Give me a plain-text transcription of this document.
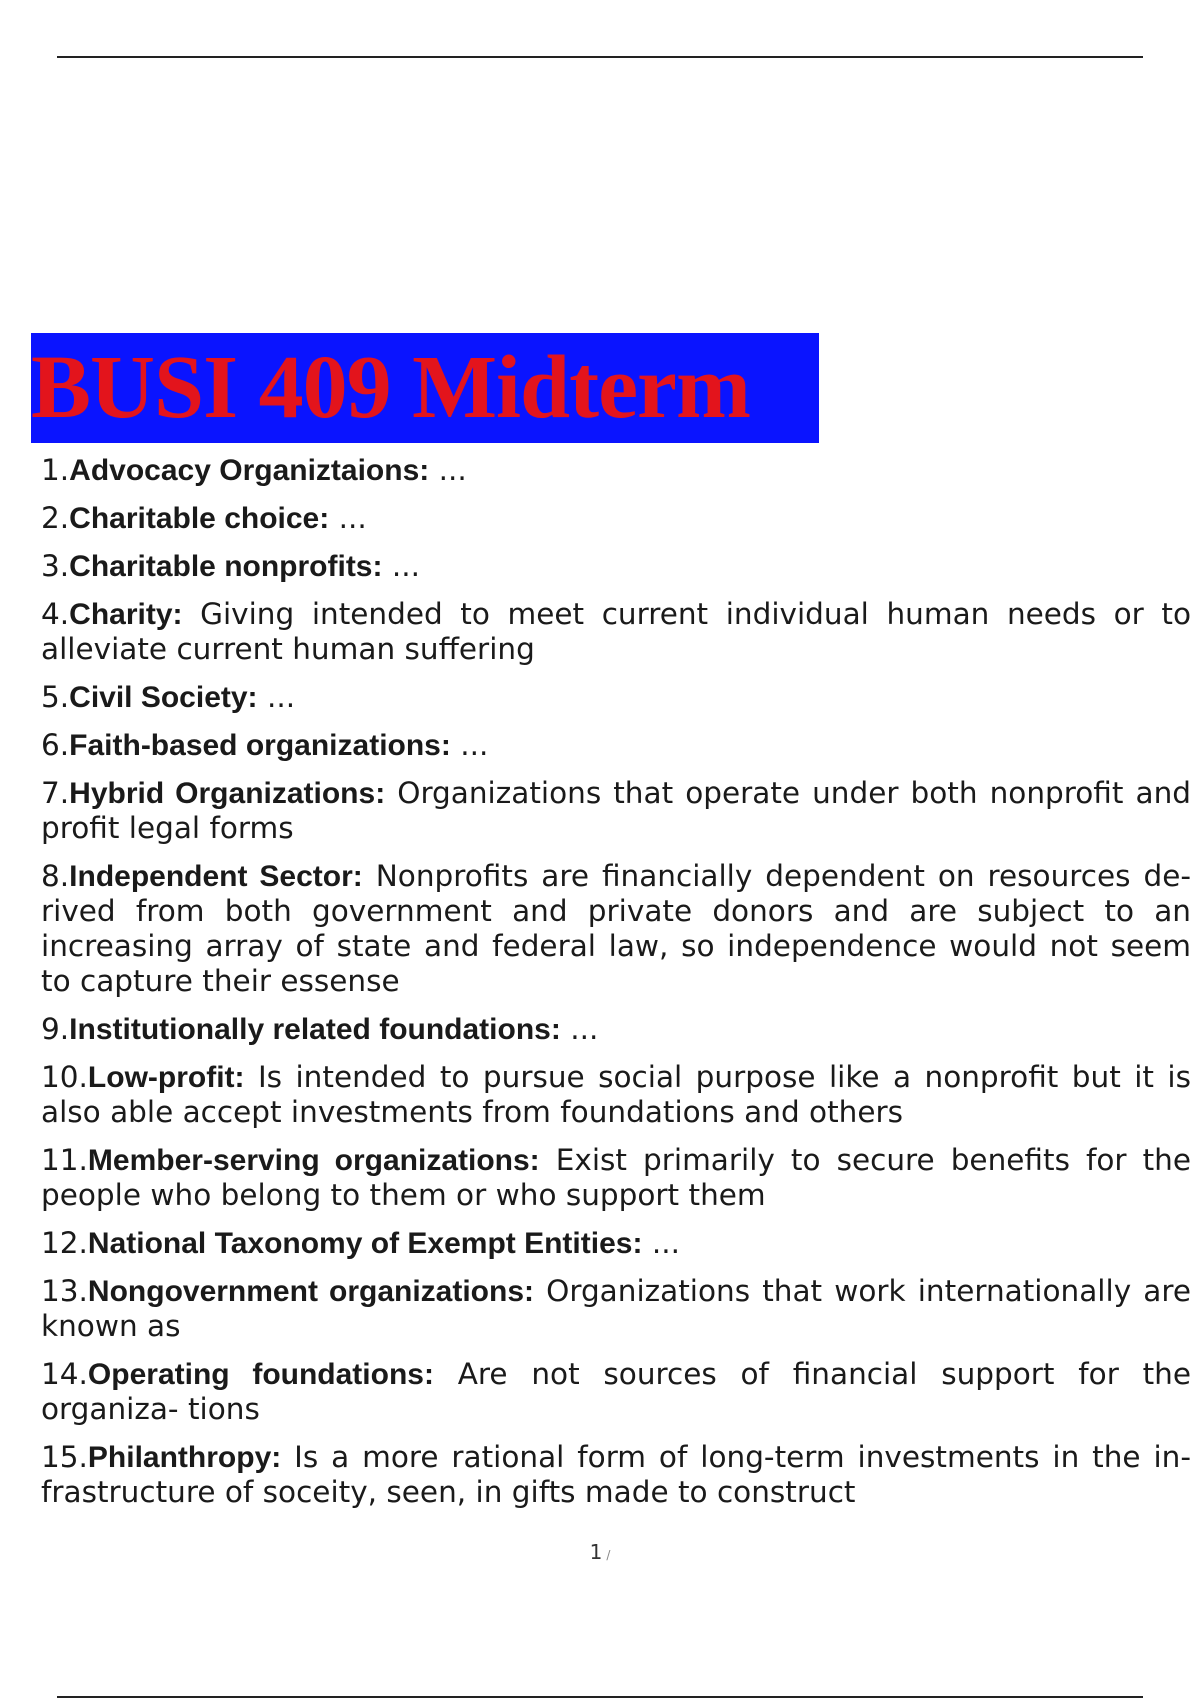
BUSI 409 Midterm
1.Advocacy Organiztaions: ...
2.Charitable choice: ...
3.Charitable nonprofits: ...
4.Charity: Giving intended to meet current individual human needs or to alleviate current human suffering
5.Civil Society: ...
6.Faith-based organizations: ...
7.Hybrid Organizations: Organizations that operate under both nonprofit and profit legal forms
8.Independent Sector: Nonprofits are financially dependent on resources de- rived from both government and private donors and are subject to an increasing array of state and federal law, so independence would not seem to capture their essense
9.Institutionally related foundations: ...
10.Low-profit: Is intended to pursue social purpose like a nonprofit but it is also able accept investments from foundations and others
11.Member-serving organizations: Exist primarily to secure benefits for the people who belong to them or who support them
12.National Taxonomy of Exempt Entities: ...
13.Nongovernment organizations: Organizations that work internationally are known as
14.Operating foundations: Are not sources of financial support for the organiza- tions
15.Philanthropy: Is a more rational form of long-term investments in the in- frastructure of soceity, seen, in gifts made to construct
1 /
